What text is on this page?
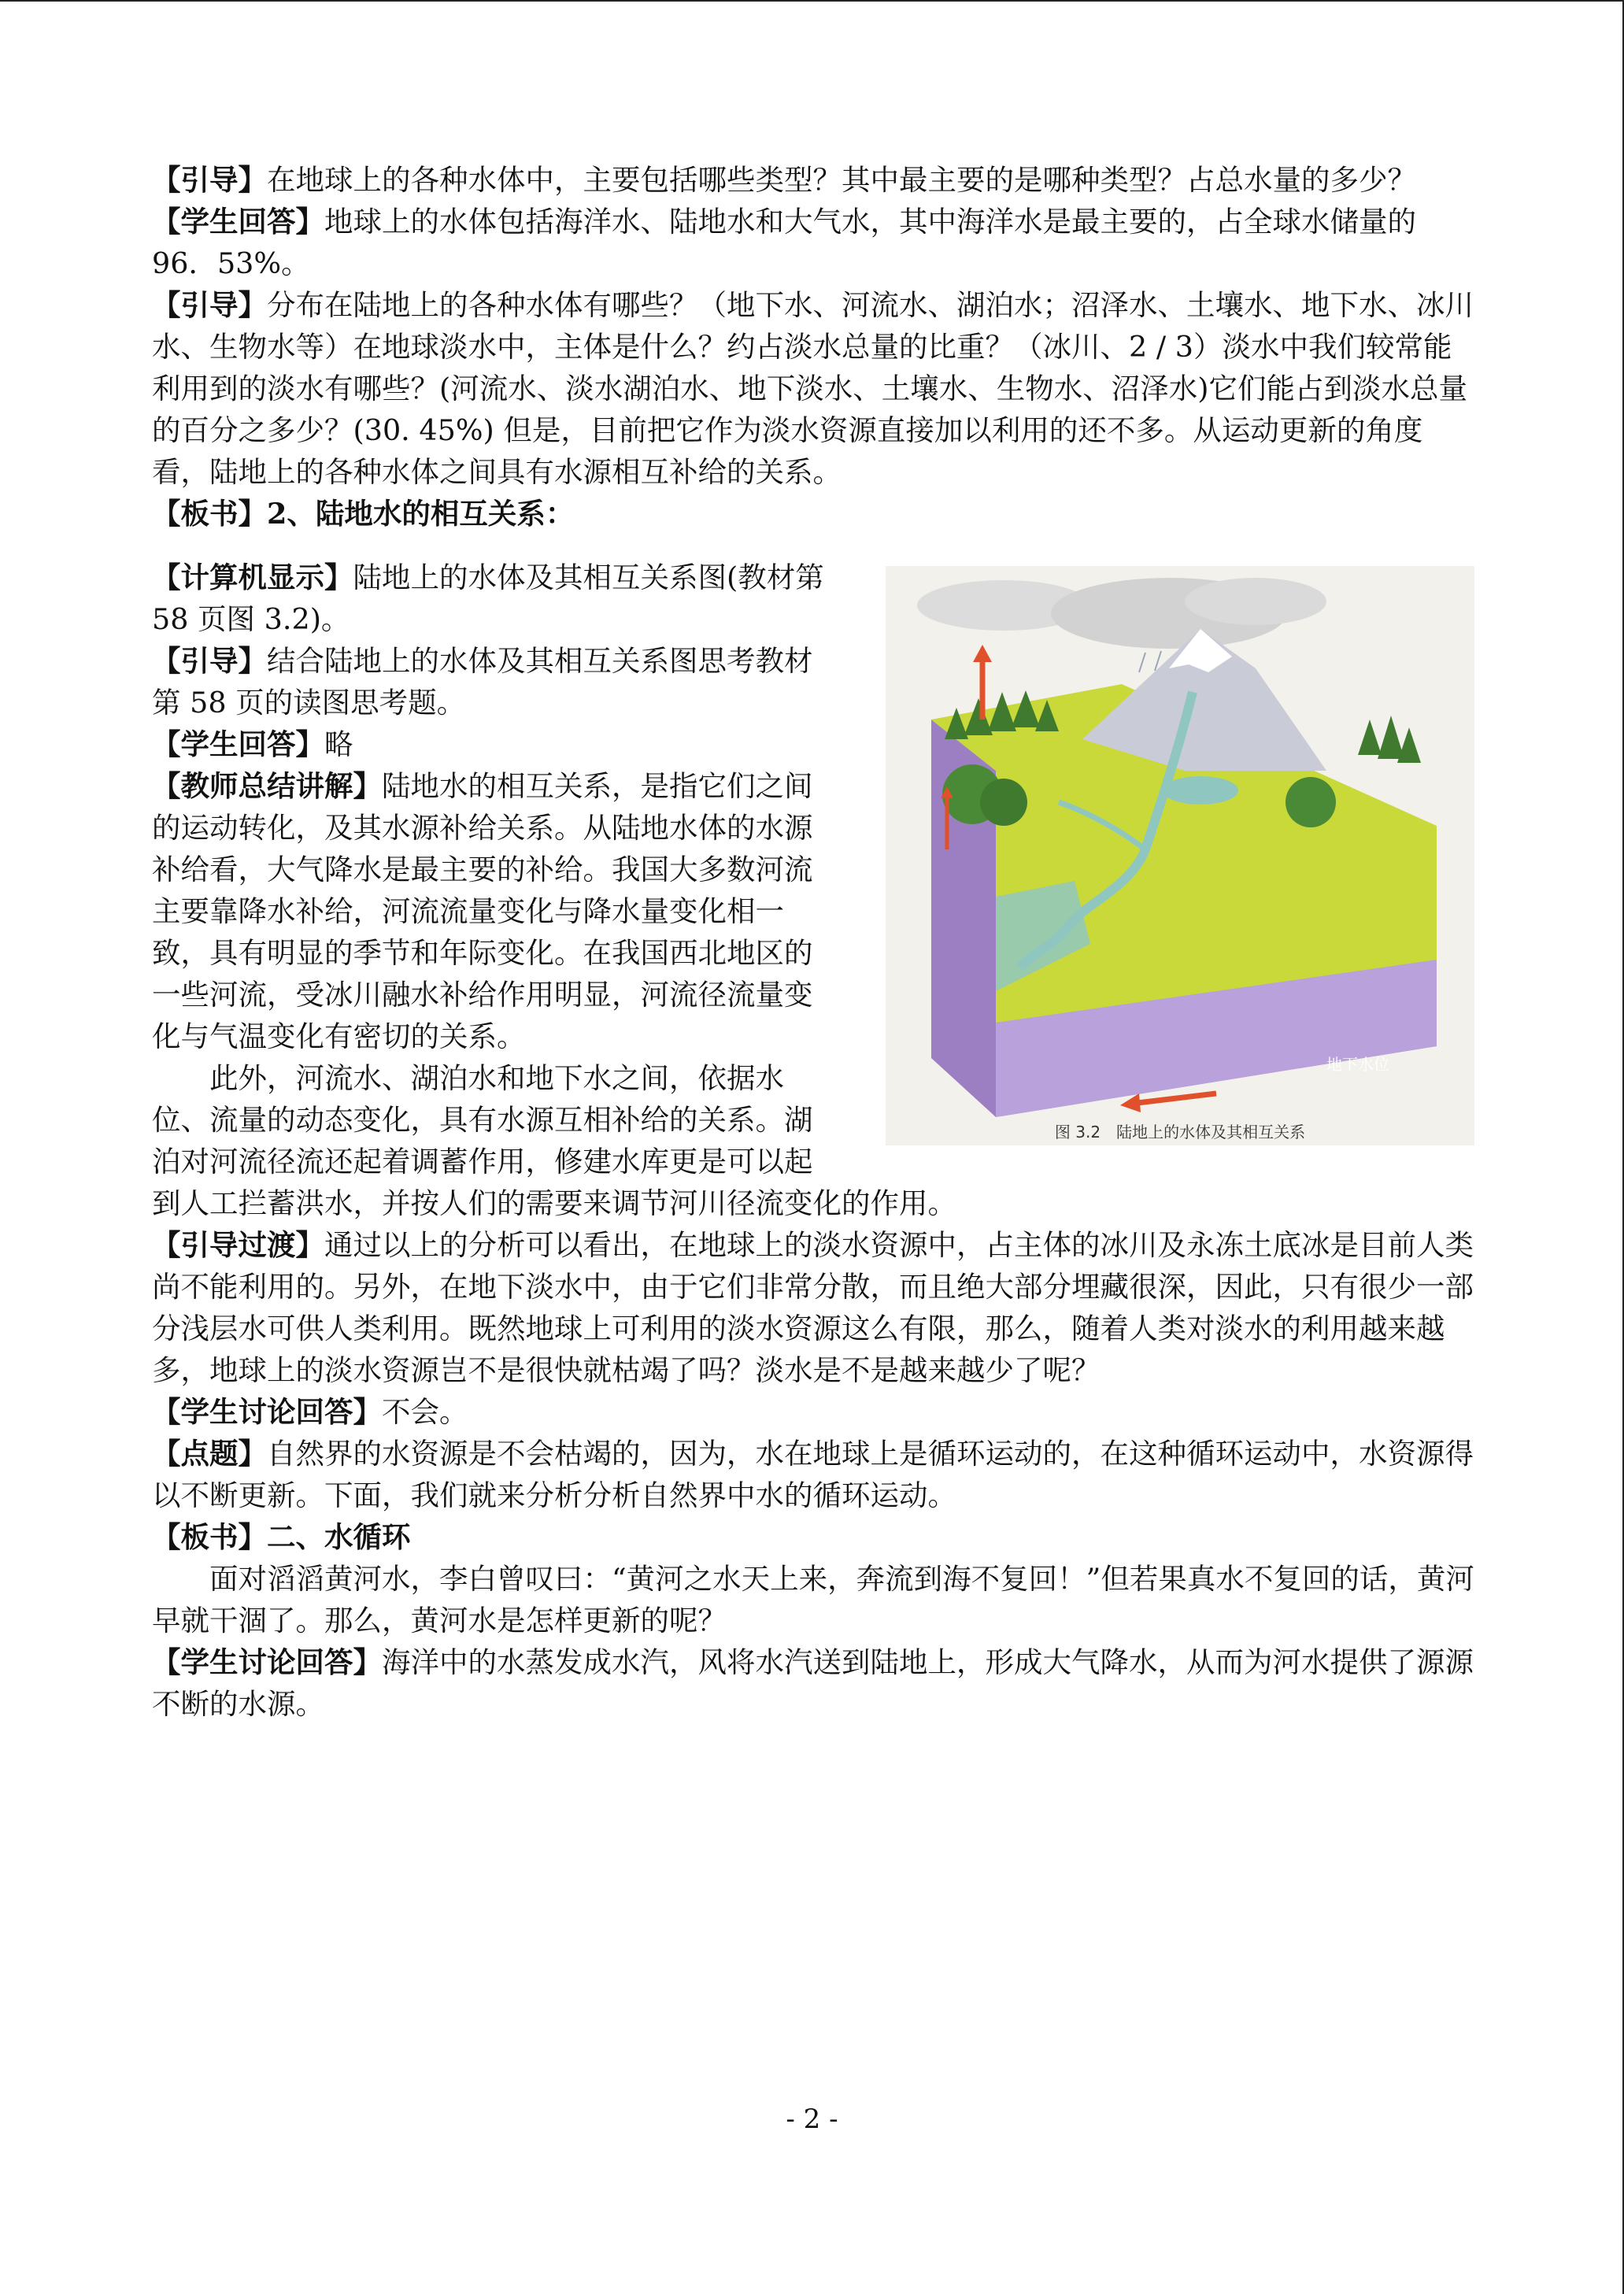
【引导】在地球上的各种水体中，主要包括哪些类型？其中最主要的是哪种类型？占总水量的多少？

【学生回答】地球上的水体包括海洋水、陆地水和大气水，其中海洋水是最主要的，占全球水储量的 96．53%。

【引导】分布在陆地上的各种水体有哪些？（地下水、河流水、湖泊水；沼泽水、土壤水、地下水、冰川水、生物水等）在地球淡水中，主体是什么？约占淡水总量的比重？（冰川、2 / 3）淡水中我们较常能利用到的淡水有哪些？(河流水、淡水湖泊水、地下淡水、土壤水、生物水、沼泽水)它们能占到淡水总量的百分之多少？(30. 45%) 但是，目前把它作为淡水资源直接加以利用的还不多。从运动更新的角度看，陆地上的各种水体之间具有水源相互补给的关系。

【板书】2、陆地水的相互关系：

地下水位
图 3.2　陆地上的水体及其相互关系

【计算机显示】陆地上的水体及其相互关系图(教材第 58 页图 3.2)。

【引导】结合陆地上的水体及其相互关系图思考教材第 58 页的读图思考题。

【学生回答】略

【教师总结讲解】陆地水的相互关系，是指它们之间的运动转化，及其水源补给关系。从陆地水体的水源补给看，大气降水是最主要的补给。我国大多数河流主要靠降水补给，河流流量变化与降水量变化相一致，具有明显的季节和年际变化。在我国西北地区的一些河流，受冰川融水补给作用明显，河流径流量变化与气温变化有密切的关系。

此外，河流水、湖泊水和地下水之间，依据水位、流量的动态变化，具有水源互相补给的关系。湖泊对河流径流还起着调蓄作用，修建水库更是可以起到人工拦蓄洪水，并按人们的需要来调节河川径流变化的作用。

【引导过渡】通过以上的分析可以看出，在地球上的淡水资源中，占主体的冰川及永冻土底冰是目前人类尚不能利用的。另外，在地下淡水中，由于它们非常分散，而且绝大部分埋藏很深，因此，只有很少一部分浅层水可供人类利用。既然地球上可利用的淡水资源这么有限，那么，随着人类对淡水的利用越来越多，地球上的淡水资源岂不是很快就枯竭了吗？淡水是不是越来越少了呢？

【学生讨论回答】不会。

【点题】自然界的水资源是不会枯竭的，因为，水在地球上是循环运动的，在这种循环运动中，水资源得以不断更新。下面，我们就来分析分析自然界中水的循环运动。

【板书】二、水循环

面对滔滔黄河水，李白曾叹曰：“黄河之水天上来，奔流到海不复回！”但若果真水不复回的话，黄河早就干涸了。那么，黄河水是怎样更新的呢？

【学生讨论回答】海洋中的水蒸发成水汽，风将水汽送到陆地上，形成大气降水，从而为河水提供了源源不断的水源。

- 2 -
